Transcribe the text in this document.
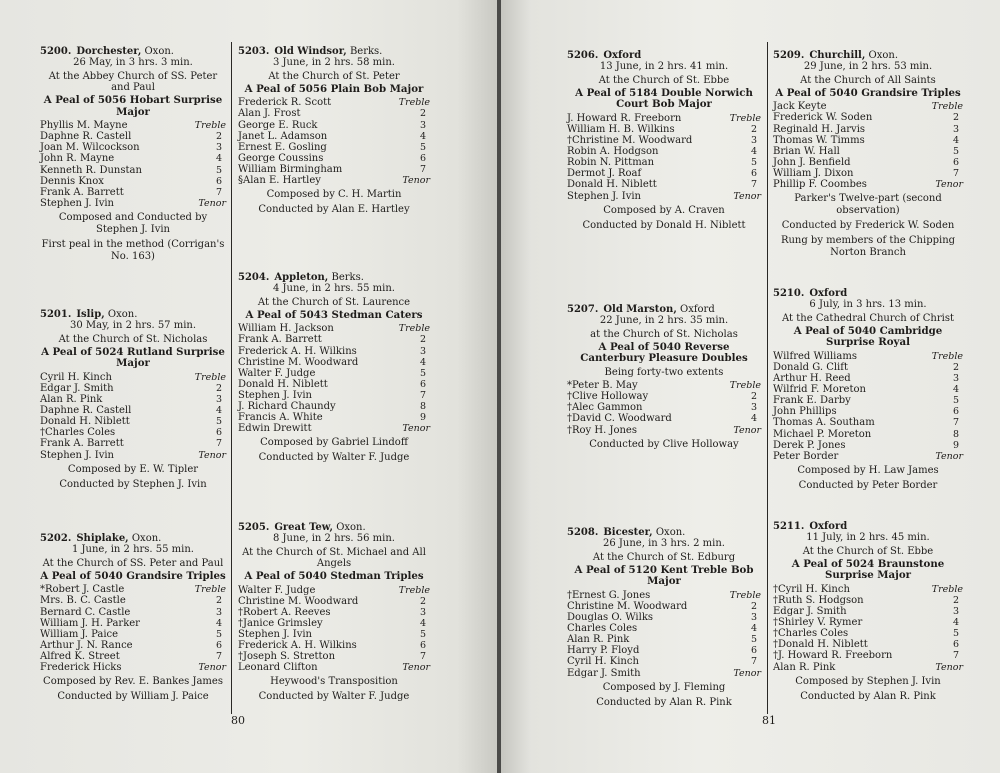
80	81
5200.  Dorchester, Oxon.
26 May, in 3 hrs. 3 min.
At the Abbey Church of SS. Peter and Paul
A Peal of 5056 Hobart Surprise Major
Phyllis M. Mayne	Treble
Daphne R. Castell	2
Joan M. Wilcockson	3
John R. Mayne	4
Kenneth R. Dunstan	5
Dennis Knox	6
Frank A. Barrett	7
Stephen J. Ivin	Tenor
Composed and Conducted by Stephen J. Ivin
First peal in the method (Corrigan's No. 163)
5201.  Islip, Oxon.
30 May, in 2 hrs. 57 min.
At the Church of St. Nicholas
A Peal of 5024 Rutland Surprise Major
Cyril H. Kinch	Treble
Edgar J. Smith	2
Alan R. Pink	3
Daphne R. Castell	4
Donald H. Niblett	5
†Charles Coles	6
Frank A. Barrett	7
Stephen J. Ivin	Tenor
Composed by E. W. Tipler
Conducted by Stephen J. Ivin
5202.  Shiplake, Oxon.
1 June, in 2 hrs. 55 min.
At the Church of SS. Peter and Paul
A Peal of 5040 Grandsire Triples
*Robert J. Castle	Treble
Mrs. B. C. Castle	2
Bernard C. Castle	3
William J. H. Parker	4
William J. Paice	5
Arthur J. N. Rance	6
Alfred K. Street	7
Frederick Hicks	Tenor
Composed by Rev. E. Bankes James
Conducted by William J. Paice
5203.  Old Windsor, Berks.
3 June, in 2 hrs. 58 min.
At the Church of St. Peter
A Peal of 5056 Plain Bob Major
Frederick R. Scott	Treble
Alan J. Frost	2
George E. Ruck	3
Janet L. Adamson	4
Ernest E. Gosling	5
George Coussins	6
William Birmingham	7
§Alan E. Hartley	Tenor
Composed by C. H. Martin
Conducted by Alan E. Hartley
5204.  Appleton, Berks.
4 June, in 2 hrs. 55 min.
At the Church of St. Laurence
A Peal of 5043 Stedman Caters
William H. Jackson	Treble
Frank A. Barrett	2
Frederick A. H. Wilkins	3
Christine M. Woodward	4
Walter F. Judge	5
Donald H. Niblett	6
Stephen J. Ivin	7
J. Richard Chaundy	8
Francis A. White	9
Edwin Drewitt	Tenor
Composed by Gabriel Lindoff
Conducted by Walter F. Judge
5205.  Great Tew, Oxon.
8 June, in 2 hrs. 56 min.
At the Church of St. Michael and All Angels
A Peal of 5040 Stedman Triples
Walter F. Judge	Treble
Christine M. Woodward	2
†Robert A. Reeves	3
†Janice Grimsley	4
Stephen J. Ivin	5
Frederick A. H. Wilkins	6
†Joseph S. Stretton	7
Leonard Clifton	Tenor
Heywood's Transposition
Conducted by Walter F. Judge
5206.  Oxford
13 June, in 2 hrs. 41 min.
At the Church of St. Ebbe
A Peal of 5184 Double Norwich Court Bob Major
J. Howard R. Freeborn	Treble
William H. B. Wilkins	2
†Christine M. Woodward	3
Robin A. Hodgson	4
Robin N. Pittman	5
Dermot J. Roaf	6
Donald H. Niblett	7
Stephen J. Ivin	Tenor
Composed by A. Craven
Conducted by Donald H. Niblett
5207.  Old Marston, Oxford
22 June, in 2 hrs. 35 min.
at the Church of St. Nicholas
A Peal of 5040 Reverse Canterbury Pleasure Doubles
Being forty-two extents
*Peter B. May	Treble
†Clive Holloway	2
†Alec Gammon	3
†David C. Woodward	4
†Roy H. Jones	Tenor
Conducted by Clive Holloway
5208.  Bicester, Oxon.
26 June, in 3 hrs. 2 min.
At the Church of St. Edburg
A Peal of 5120 Kent Treble Bob Major
†Ernest G. Jones	Treble
Christine M. Woodward	2
Douglas O. Wilks	3
Charles Coles	4
Alan R. Pink	5
Harry P. Floyd	6
Cyril H. Kinch	7
Edgar J. Smith	Tenor
Composed by J. Fleming
Conducted by Alan R. Pink
5209.  Churchill, Oxon.
29 June, in 2 hrs. 53 min.
At the Church of All Saints
A Peal of 5040 Grandsire Triples
Jack Keyte	Treble
Frederick W. Soden	2
Reginald H. Jarvis	3
Thomas W. Timms	4
Brian W. Hall	5
John J. Benfield	6
William J. Dixon	7
Phillip F. Coombes	Tenor
Parker's Twelve-part (second observation)
Conducted by Frederick W. Soden
Rung by members of the Chipping Norton Branch
5210.  Oxford
6 July, in 3 hrs. 13 min.
At the Cathedral Church of Christ
A Peal of 5040 Cambridge Surprise Royal
Wilfred Williams	Treble
Donald G. Clift	2
Arthur H. Reed	3
Wilfrid F. Moreton	4
Frank E. Darby	5
John Phillips	6
Thomas A. Southam	7
Michael P. Moreton	8
Derek P. Jones	9
Peter Border	Tenor
Composed by H. Law James
Conducted by Peter Border
5211.  Oxford
11 July, in 2 hrs. 45 min.
At the Church of St. Ebbe
A Peal of 5024 Braunstone Surprise Major
†Cyril H. Kinch	Treble
†Ruth S. Hodgson	2
Edgar J. Smith	3
†Shirley V. Rymer	4
†Charles Coles	5
†Donald H. Niblett	6
†J. Howard R. Freeborn	7
Alan R. Pink	Tenor
Composed by Stephen J. Ivin
Conducted by Alan R. Pink
